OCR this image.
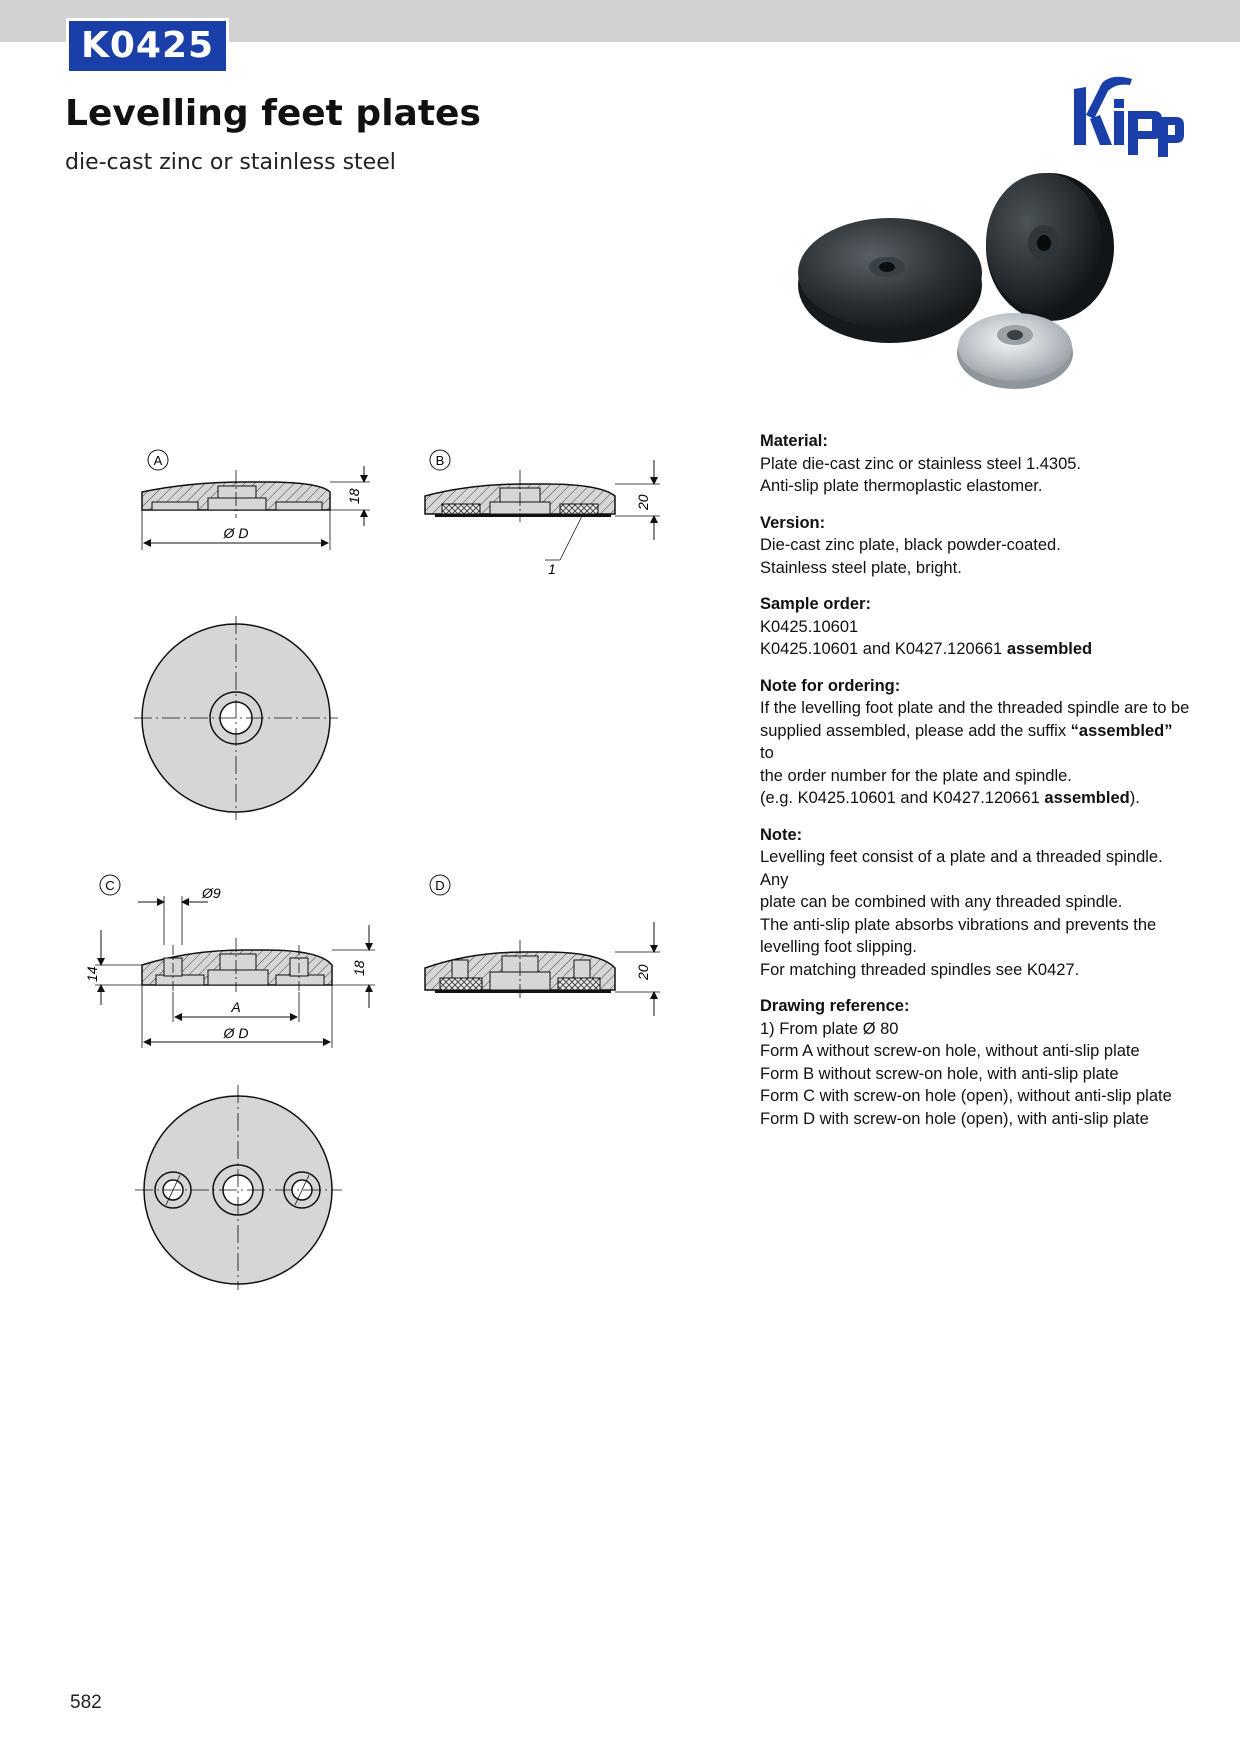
K0425
Levelling feet plates
die-cast zinc or stainless steel
A
18
Ø D
B
20
1
C	Ø9
14	18
A
Ø D
D
20
Material:

Plate die-cast zinc or stainless steel 1.4305.

Anti-slip plate thermoplastic elastomer.

Version:

Die-cast zinc plate, black powder-coated.

Stainless steel plate, bright.

Sample order:

K0425.10601

K0425.10601 and K0427.120661 assembled

Note for ordering:

If the levelling foot plate and the threaded spindle are to be

supplied assembled, please add the suffix “assembled” to

the order number for the plate and spindle.

(e.g. K0425.10601 and K0427.120661 assembled).

Note:

Levelling feet consist of a plate and a threaded spindle. Any

plate can be combined with any threaded spindle.

The anti-slip plate absorbs vibrations and prevents the

levelling foot slipping.

For matching threaded spindles see K0427.

Drawing reference:

1) From plate Ø 80

Form A without screw-on hole, without anti-slip plate

Form B without screw-on hole, with anti-slip plate

Form C with screw-on hole (open), without anti-slip plate

Form D with screw-on hole (open), with anti-slip plate

582
